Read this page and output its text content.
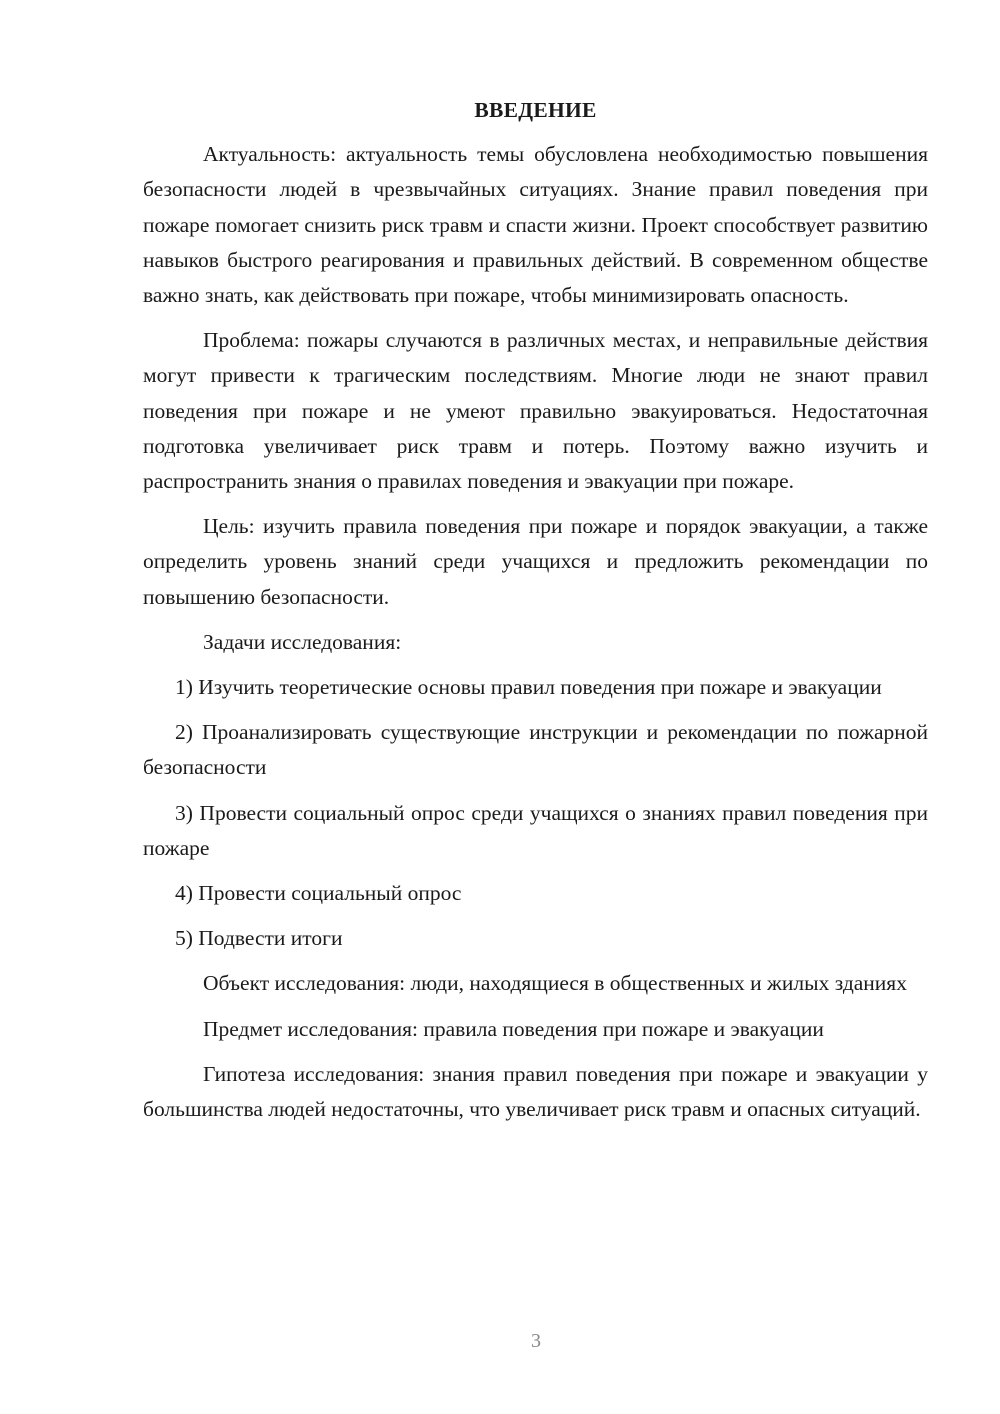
ВВЕДЕНИЕ

Актуальность: актуальность темы обусловлена необходимостью повышения безопасности людей в чрезвычайных ситуациях. Знание правил поведения при пожаре помогает снизить риск травм и спасти жизни. Проект способствует развитию навыков быстрого реагирования и правильных действий. В современном обществе важно знать, как действовать при пожаре, чтобы минимизировать опасность.

Проблема: пожары случаются в различных местах, и неправильные действия могут привести к трагическим последствиям. Многие люди не знают правил поведения при пожаре и не умеют правильно эвакуироваться. Недостаточная подготовка увеличивает риск травм и потерь. Поэтому важно изучить и распространить знания о правилах поведения и эвакуации при пожаре.

Цель: изучить правила поведения при пожаре и порядок эвакуации, а также определить уровень знаний среди учащихся и предложить рекомендации по повышению безопасности.

Задачи исследования:

1) Изучить теоретические основы правил поведения при пожаре и эвакуации

2) Проанализировать существующие инструкции и рекомендации по пожарной безопасности

3) Провести социальный опрос среди учащихся о знаниях правил поведения при пожаре

4) Провести социальный опрос

5) Подвести итоги

Объект исследования: люди, находящиеся в общественных и жилых зданиях

Предмет исследования: правила поведения при пожаре и эвакуации

Гипотеза исследования: знания правил поведения при пожаре и эвакуации у большинства людей недостаточны, что увеличивает риск травм и опасных ситуаций.

3
